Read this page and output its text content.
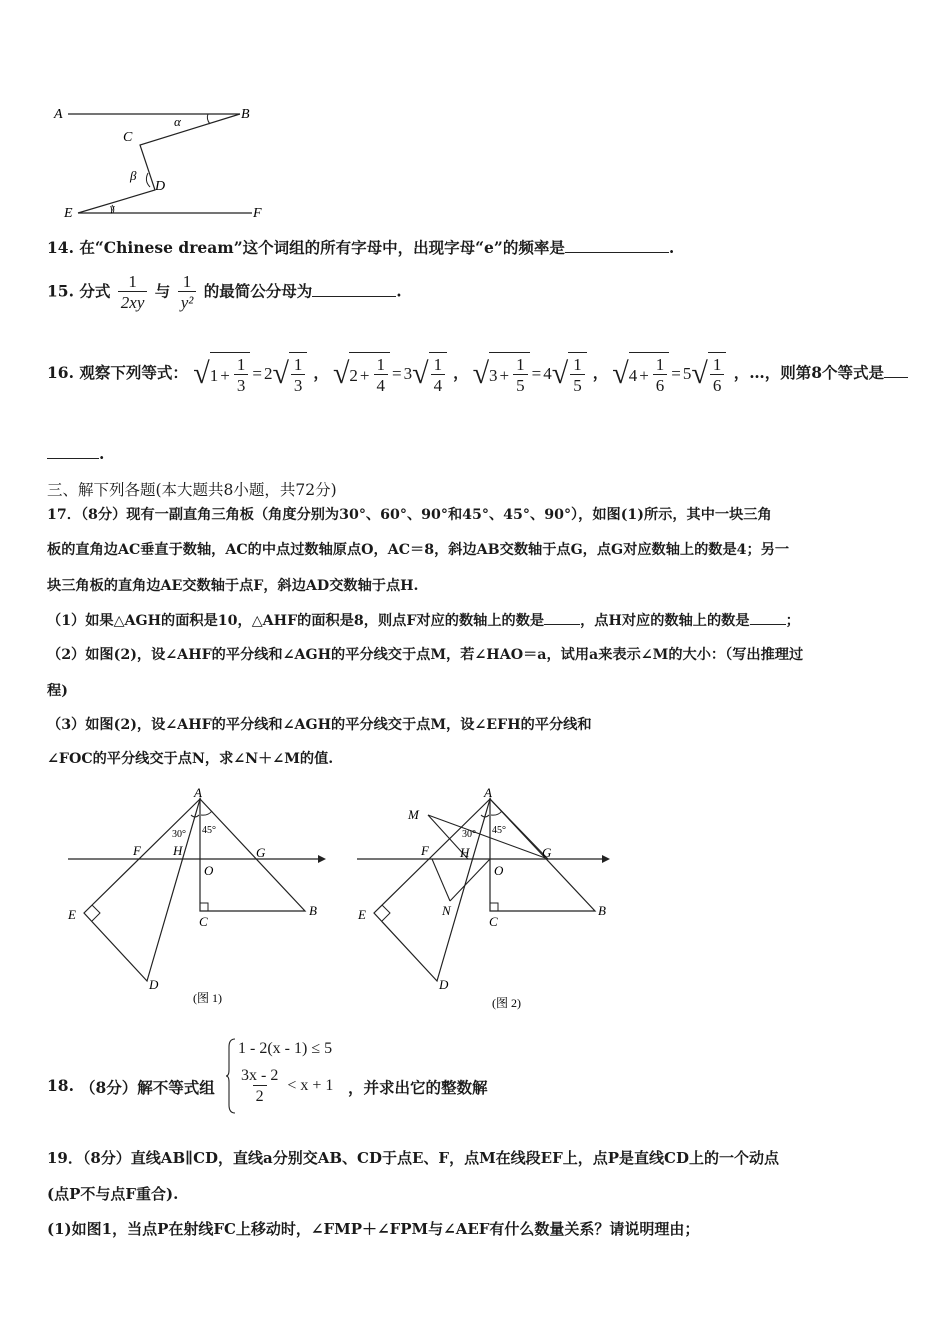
A	B
C
D
E	F
α
β
γ
14. 在“Chinese dream”这个词组的所有字母中，出现字母“e”的频率是	.
15. 分式 $\frac{1}{2xy}$ 与 $\frac{1}{\text{y²}}$ 的最简公分母为	.
16. 观察下列等式： √ $1 + \frac{1}{3} = 2$ √ $\frac{1}{3}$ ， √ $2 + \frac{1}{4} = 3$ √ $\frac{1}{4}$ ， √ $3 + \frac{1}{5} = 4$ √ $\frac{1}{5}$ ， √ $4 + \frac{1}{6} = 5$ √ $\frac{1}{6}$ ，…，则第8个等式是
.
三、解下列各题(本大题共8小题，共72分)
17．（8分）现有一副直角三角板（角度分别为30°、60°、90°和45°、45°、90°），如图(1)所示，其中一块三角
板的直角边AC垂直于数轴，AC的中点过数轴原点O，AC＝8，斜边AB交数轴于点G，点G对应数轴上的数是4；另一
块三角板的直角边AE交数轴于点F，斜边AD交数轴于点H.
（1）如果△AGH的面积是10，△AHF的面积是8，则点F对应的数轴上的数是	，点H对应的数轴上的数是	；
（2）如图(2)，设∠AHF的平分线和∠AGH的平分线交于点M，若∠HAO＝a，试用a来表示∠M的大小：（写出推理过
程)
（3）如图(2)，设∠AHF的平分线和∠AGH的平分线交于点M，设∠EFH的平分线和
∠FOC的平分线交于点N，求∠N＋∠M的值.
A
F H	G
O
C
B
E
D
30° 45°
(图 1)
M
A
F H	G
O
C
B
E	N
D
30° 45°
(图 2)
18. （8分）解不等式组
1 - 2(x - 1) ≤ 5
$\frac{3x - 2}{2} < x + 1$ ，并求出它的整数解
19．（8分）直线AB∥CD，直线a分别交AB、CD于点E、F，点M在线段EF上，点P是直线CD上的一个动点
(点P不与点F重合).
(1)如图1，当点P在射线FC上移动时，∠FMP＋∠FPM与∠AEF有什么数量关系？请说明理由；
